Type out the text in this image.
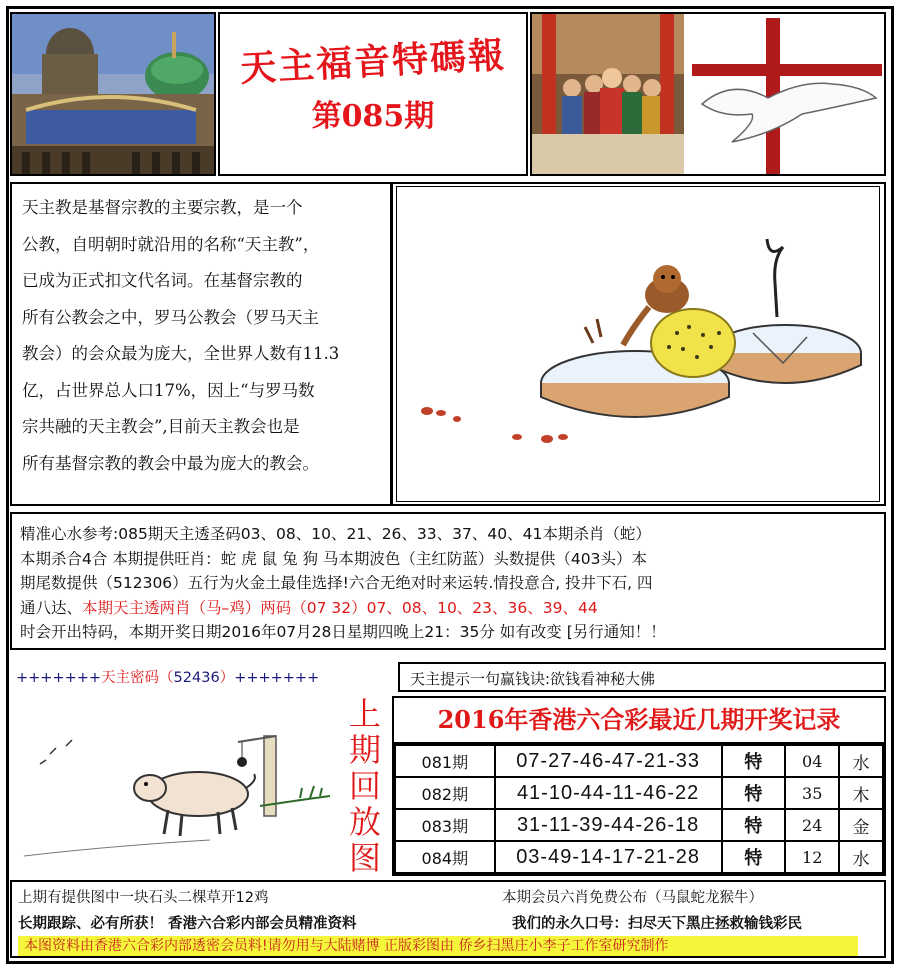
天主福音特碼報
第085期
天主教是基督宗教的主要宗教，是一个
公教，自明朝时就沿用的名称“天主教”，
已成为正式扣文代名词。在基督宗教的
所有公教会之中，罗马公教会（罗马天主
教会）的会众最为庞大，全世界人数有11.3
亿，占世界总人口17%，因上“与罗马数
宗共融的天主教会”,目前天主教会也是
所有基督宗教的教会中最为庞大的教会。
精准心水参考:085期天主透圣码03、08、10、21、26、33、37、40、41本期杀肖（蛇）
本期杀合4合 本期提供旺肖：蛇 虎 鼠 兔 狗 马本期波色（主红防蓝）头数提供（403头）本
期尾数提供（512306）五行为火金土最佳选择!六合无绝对时来运转.情投意合, 投井下石, 四
通八达、本期天主透两肖（马–鸡）两码（07 32）07、08、10、23、36、39、44
时会开出特码，本期开奖日期2016年07月28日星期四晚上21：35分 如有改变 [另行通知！！
+++++++天主密码（52436）+++++++	天主提示一句赢钱诀:欲钱看神秘大佛
上
期
回
放
图
2016年香港六合彩最近几期开奖记录
081期	07-27-46-47-21-33	特	04	水
082期	41-10-44-11-46-22	特	35	木
083期	31-11-39-44-26-18	特	24	金
084期	03-49-14-17-21-28	特	12	水
上期有提供图中一块石头二棵草开12鸡	本期会员六肖免费公布（马鼠蛇龙猴牛）
长期跟踪、必有所获！ 香港六合彩内部会员精准资料	我们的永久口号：扫尽天下黑庄拯救输钱彩民
本图资料由香港六合彩内部透密会员料!请勿用与大陆赌博 正版彩图由 侨乡扫黑庄小李子工作室研究制作
